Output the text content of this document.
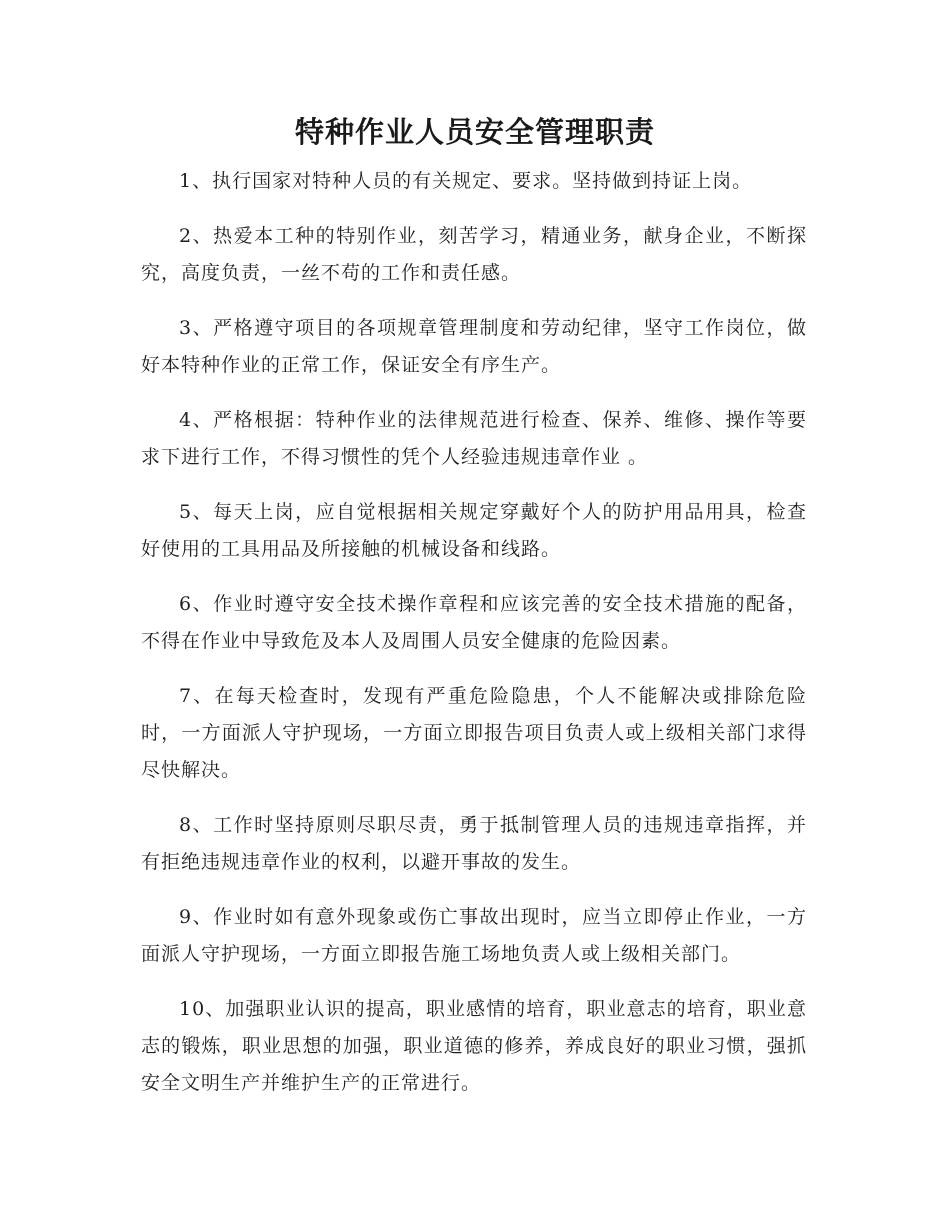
特种作业人员安全管理职责

1、执行国家对特种人员的有关规定、要求。坚持做到持证上岗。

2、热爱本工种的特别作业，刻苦学习，精通业务，献身企业，不断探究，高度负责，一丝不苟的工作和责任感。

3、严格遵守项目的各项规章管理制度和劳动纪律，坚守工作岗位，做好本特种作业的正常工作，保证安全有序生产。

4、严格根据：特种作业的法律规范进行检查、保养、维修、操作等要求下进行工作，不得习惯性的凭个人经验违规违章作业 。

5、每天上岗，应自觉根据相关规定穿戴好个人的防护用品用具，检查好使用的工具用品及所接触的机械设备和线路。

6、作业时遵守安全技术操作章程和应该完善的安全技术措施的配备，不得在作业中导致危及本人及周围人员安全健康的危险因素。

7、在每天检查时，发现有严重危险隐患，个人不能解决或排除危险时，一方面派人守护现场，一方面立即报告项目负责人或上级相关部门求得尽快解决。

8、工作时坚持原则尽职尽责，勇于抵制管理人员的违规违章指挥，并有拒绝违规违章作业的权利，以避开事故的发生。

9、作业时如有意外现象或伤亡事故出现时，应当立即停止作业，一方面派人守护现场，一方面立即报告施工场地负责人或上级相关部门。

10、加强职业认识的提高，职业感情的培育，职业意志的培育，职业意志的锻炼，职业思想的加强，职业道德的修养，养成良好的职业习惯，强抓安全文明生产并维护生产的正常进行。
